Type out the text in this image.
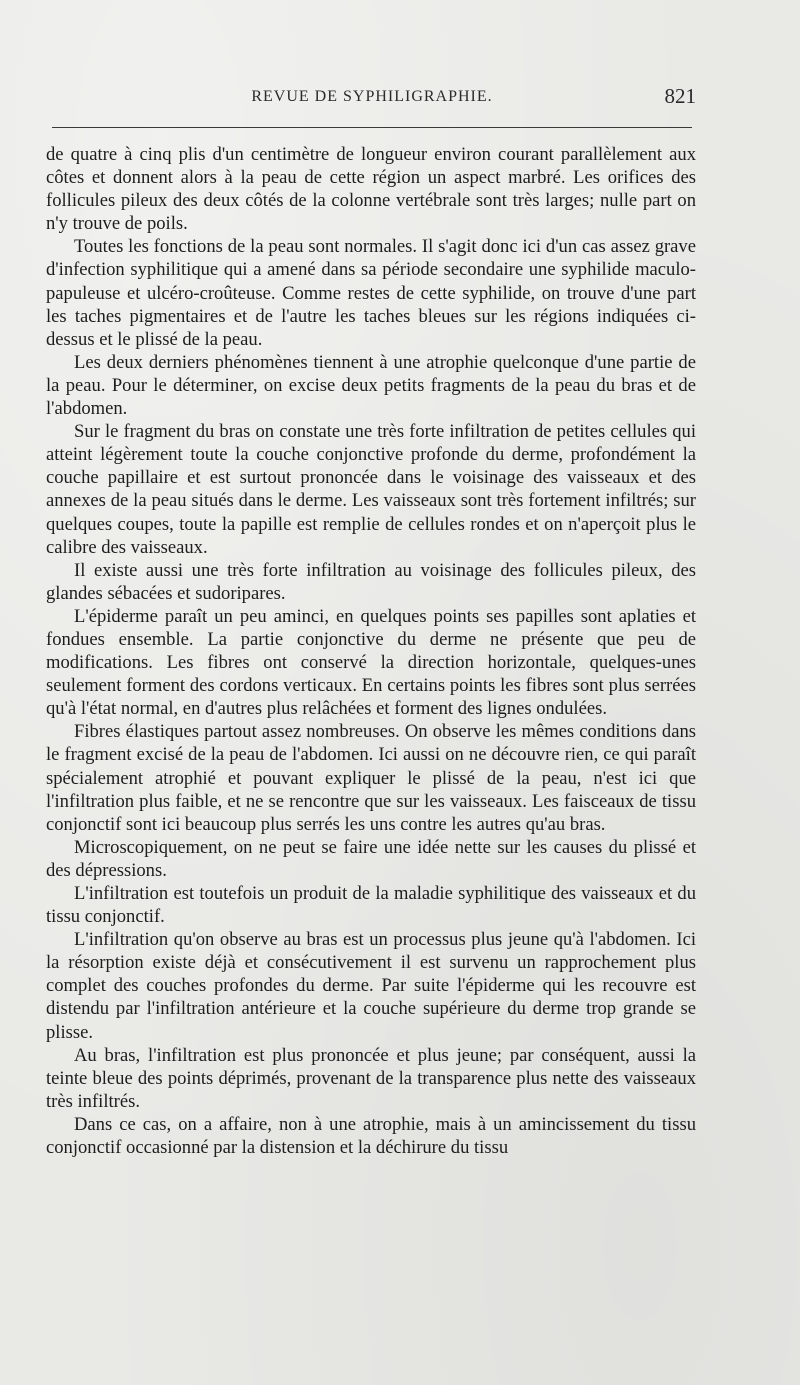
REVUE DE SYPHILIGRAPHIE.	821

de quatre à cinq plis d'un centimètre de longueur environ courant parallèlement aux côtes et donnent alors à la peau de cette région un aspect marbré. Les orifices des follicules pileux des deux côtés de la colonne vertébrale sont très larges; nulle part on n'y trouve de poils.

Toutes les fonctions de la peau sont normales. Il s'agit donc ici d'un cas assez grave d'infection syphilitique qui a amené dans sa période secondaire une syphilide maculo-papuleuse et ulcéro-croûteuse. Comme restes de cette syphilide, on trouve d'une part les taches pigmentaires et de l'autre les taches bleues sur les régions indiquées ci-dessus et le plissé de la peau.

Les deux derniers phénomènes tiennent à une atrophie quelconque d'une partie de la peau. Pour le déterminer, on excise deux petits fragments de la peau du bras et de l'abdomen.

Sur le fragment du bras on constate une très forte infiltration de petites cellules qui atteint légèrement toute la couche conjonctive profonde du derme, profondément la couche papillaire et est surtout prononcée dans le voisinage des vaisseaux et des annexes de la peau situés dans le derme. Les vaisseaux sont très fortement infiltrés; sur quelques coupes, toute la papille est remplie de cellules rondes et on n'aperçoit plus le calibre des vaisseaux.

Il existe aussi une très forte infiltration au voisinage des follicules pileux, des glandes sébacées et sudoripares.

L'épiderme paraît un peu aminci, en quelques points ses papilles sont aplaties et fondues ensemble. La partie conjonctive du derme ne présente que peu de modifications. Les fibres ont conservé la direction horizontale, quelques-unes seulement forment des cordons verticaux. En certains points les fibres sont plus serrées qu'à l'état normal, en d'autres plus relâchées et forment des lignes ondulées.

Fibres élastiques partout assez nombreuses. On observe les mêmes conditions dans le fragment excisé de la peau de l'abdomen. Ici aussi on ne découvre rien, ce qui paraît spécialement atrophié et pouvant expliquer le plissé de la peau, n'est ici que l'infiltration plus faible, et ne se rencontre que sur les vaisseaux. Les faisceaux de tissu conjonctif sont ici beaucoup plus serrés les uns contre les autres qu'au bras.

Microscopiquement, on ne peut se faire une idée nette sur les causes du plissé et des dépressions.

L'infiltration est toutefois un produit de la maladie syphilitique des vaisseaux et du tissu conjonctif.

L'infiltration qu'on observe au bras est un processus plus jeune qu'à l'abdomen. Ici la résorption existe déjà et consécutivement il est survenu un rapprochement plus complet des couches profondes du derme. Par suite l'épiderme qui les recouvre est distendu par l'infiltration antérieure et la couche supérieure du derme trop grande se plisse.

Au bras, l'infiltration est plus prononcée et plus jeune; par conséquent, aussi la teinte bleue des points déprimés, provenant de la transparence plus nette des vaisseaux très infiltrés.

Dans ce cas, on a affaire, non à une atrophie, mais à un amincissement du tissu conjonctif occasionné par la distension et la déchirure du tissu
